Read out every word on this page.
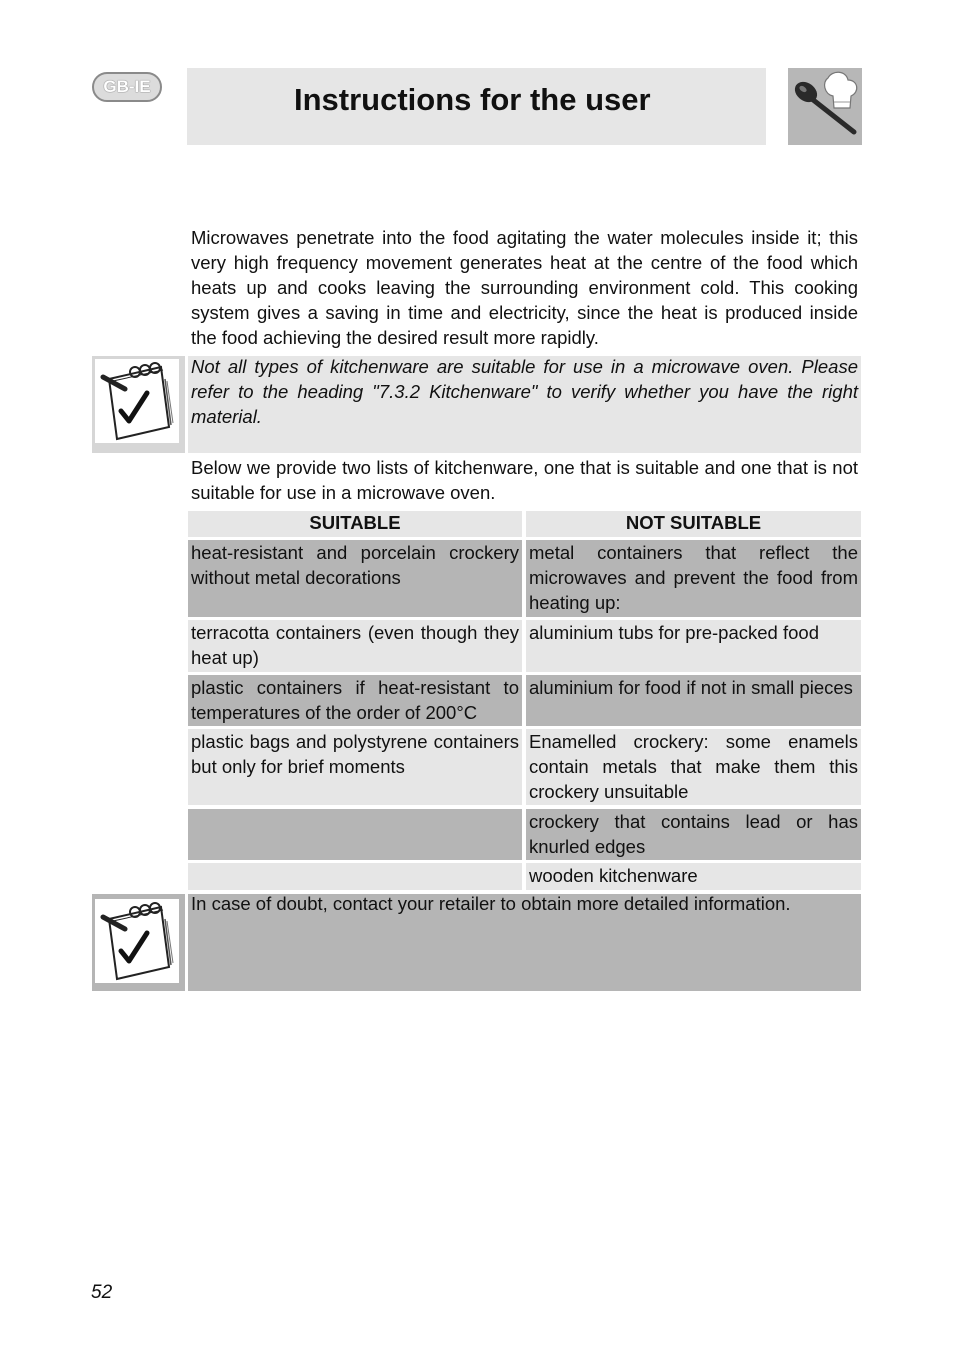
GB-IE	Instructions for the user

Microwaves penetrate into the food agitating the water molecules inside it; this very high frequency movement generates heat at the centre of the food which heats up and cooks leaving the surrounding environment cold. This cooking system gives a saving in time and electricity, since the heat is produced inside the food achieving the desired result more rapidly.

Not all types of kitchenware are suitable for use in a microwave oven. Please refer to the heading "7.3.2 Kitchenware" to verify whether you have the right material.

Below we provide two lists of kitchenware, one that is suitable and one that is not suitable for use in a microwave oven.

SUITABLE	NOT SUITABLE
heat-resistant and porcelain crockery without metal decorations
metal containers that reflect the microwaves and prevent the food from heating up:
terracotta containers (even though they heat up)
aluminium tubs for pre-packed food
plastic containers if heat-resistant to temperatures of the order of 200°C
aluminium for food if not in small pieces
plastic bags and polystyrene containers but only for brief moments
Enamelled crockery: some enamels contain metals that make them this crockery unsuitable
crockery that contains lead or has knurled edges
wooden kitchenware

In case of doubt, contact your retailer to obtain more detailed information.

52
